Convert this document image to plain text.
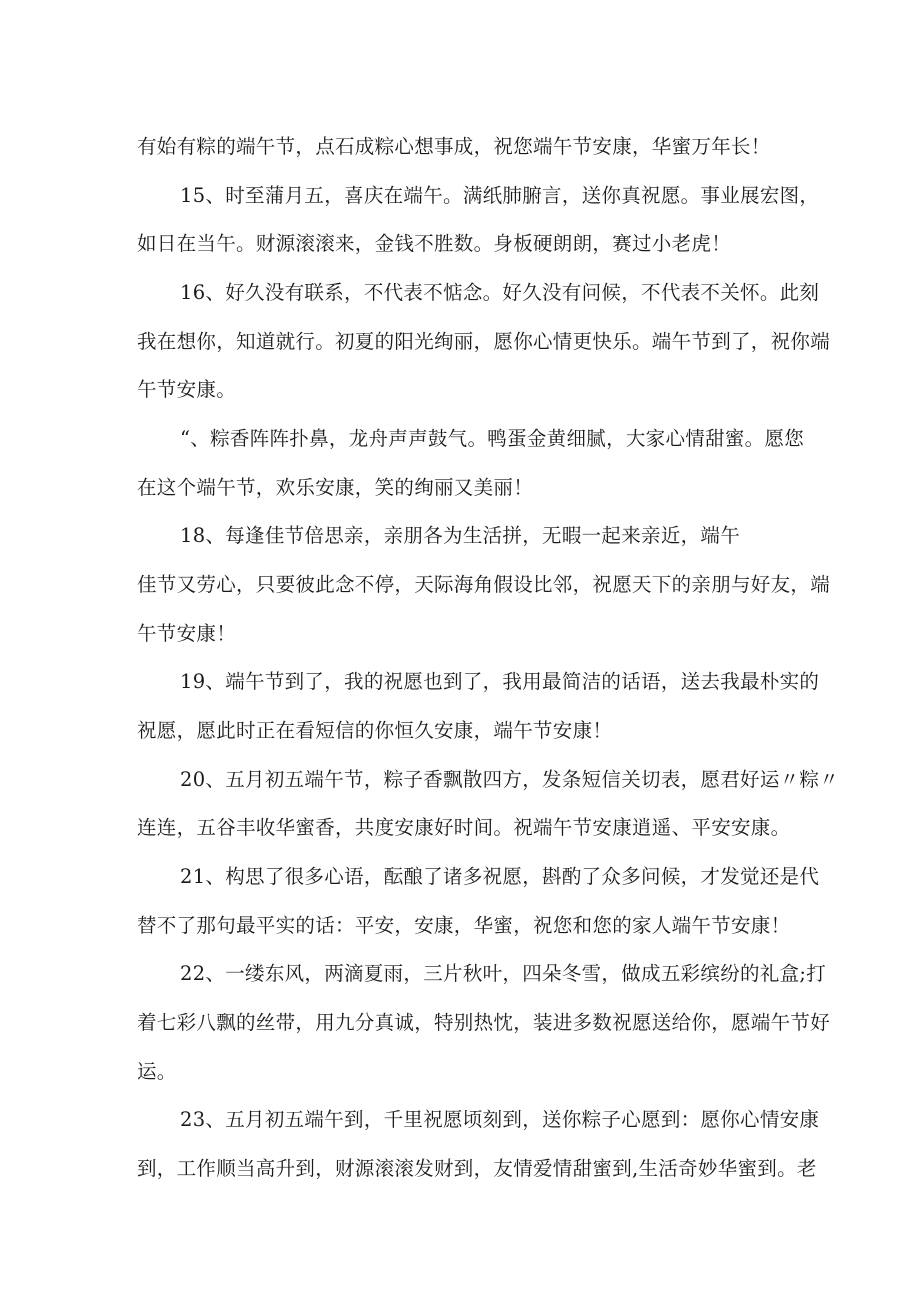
有始有粽的端午节，点石成粽心想事成，祝您端午节安康，华蜜万年长！
15、时至蒲月五，喜庆在端午。满纸肺腑言，送你真祝愿。事业展宏图，
如日在当午。财源滚滚来，金钱不胜数。身板硬朗朗，赛过小老虎！
16、好久没有联系，不代表不惦念。好久没有问候，不代表不关怀。此刻
我在想你，知道就行。初夏的阳光绚丽，愿你心情更快乐。端午节到了，祝你端
午节安康。
“、粽香阵阵扑鼻，龙舟声声鼓气。鸭蛋金黄细腻，大家心情甜蜜。愿您
在这个端午节，欢乐安康，笑的绚丽又美丽！
18、每逢佳节倍思亲，亲朋各为生活拼，无暇一起来亲近，端午
佳节又劳心，只要彼此念不停，天际海角假设比邻，祝愿天下的亲朋与好友，端
午节安康！
19、端午节到了，我的祝愿也到了，我用最简洁的话语，送去我最朴实的
祝愿，愿此时正在看短信的你恒久安康，端午节安康！
20、五月初五端午节，粽子香飘散四方，发条短信关切表，愿君好运〃粽〃
连连，五谷丰收华蜜香，共度安康好时间。祝端午节安康逍遥、平安安康。
21、构思了很多心语，酝酿了诸多祝愿，斟酌了众多问候，才发觉还是代
替不了那句最平实的话：平安，安康，华蜜，祝您和您的家人端午节安康！
22、一缕东风，两滴夏雨，三片秋叶，四朵冬雪，做成五彩缤纷的礼盒;打
着七彩八飘的丝带，用九分真诚，特别热忱，装进多数祝愿送给你，愿端午节好
运。
23、五月初五端午到，千里祝愿顷刻到，送你粽子心愿到：愿你心情安康
到，工作顺当高升到，财源滚滚发财到，友情爱情甜蜜到,生活奇妙华蜜到。老
